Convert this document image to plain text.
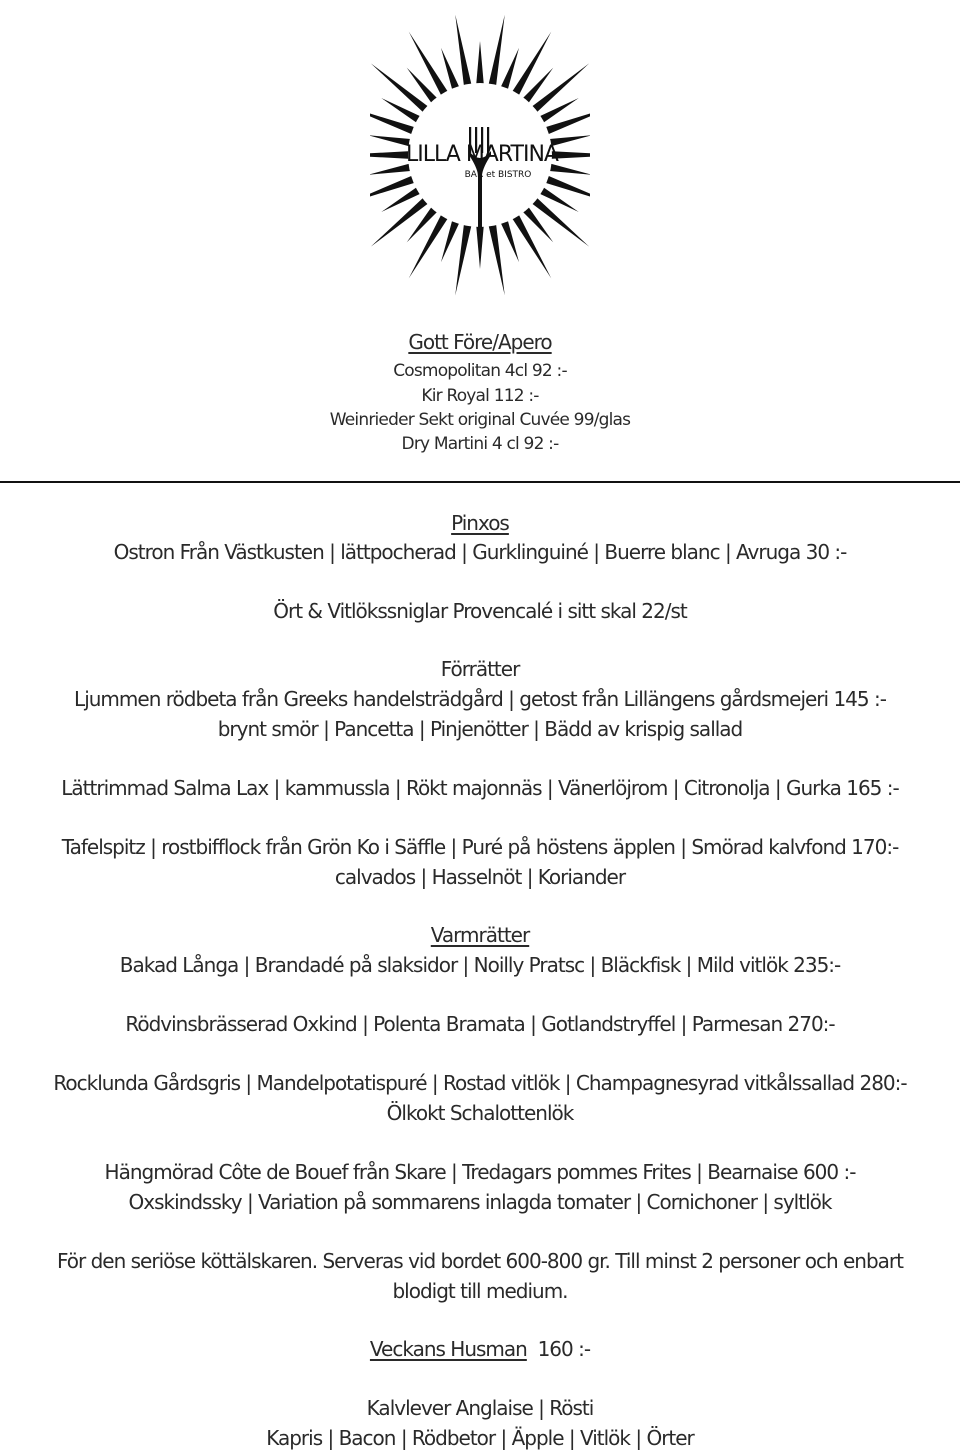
LILLA MARTINA
BAR et BISTRO
Gott Före/Apero
Cosmopolitan 4cl 92 :-
Kir Royal 112 :-
Weinrieder Sekt original Cuvée 99/glas
Dry Martini 4 cl 92 :-
Pinxos
Ostron Från Västkusten | lättpocherad | Gurklinguiné | Buerre blanc | Avruga 30 :-
Ört & Vitlökssniglar Provencalé i sitt skal 22/st
Förrätter
Ljummen rödbeta från Greeks handelsträdgård | getost från Lillängens gårdsmejeri 145 :-
brynt smör | Pancetta | Pinjenötter | Bädd av krispig sallad
Lättrimmad Salma Lax | kammussla | Rökt majonnäs | Vänerlöjrom | Citronolja | Gurka 165 :-
Tafelspitz | rostbifflock från Grön Ko i Säffle | Puré på höstens äpplen | Smörad kalvfond 170:-
calvados | Hasselnöt | Koriander
Varmrätter
Bakad Långa | Brandadé på slaksidor | Noilly Pratsc | Bläckfisk | Mild vitlök 235:-
Rödvinsbrässerad Oxkind | Polenta Bramata | Gotlandstryffel | Parmesan 270:-
Rocklunda Gårdsgris | Mandelpotatispuré | Rostad vitlök | Champagnesyrad vitkålssallad 280:-
Ölkokt Schalottenlök
Hängmörad Côte de Bouef från Skare | Tredagars pommes Frites | Bearnaise 600 :-
Oxskindssky | Variation på sommarens inlagda tomater | Cornichoner | syltlök
För den seriöse köttälskaren. Serveras vid bordet 600-800 gr. Till minst 2 personer och enbart
blodigt till medium.
Veckans Husman 160 :-
Kalvlever Anglaise | Rösti
Kapris | Bacon | Rödbetor | Äpple | Vitlök | Örter
